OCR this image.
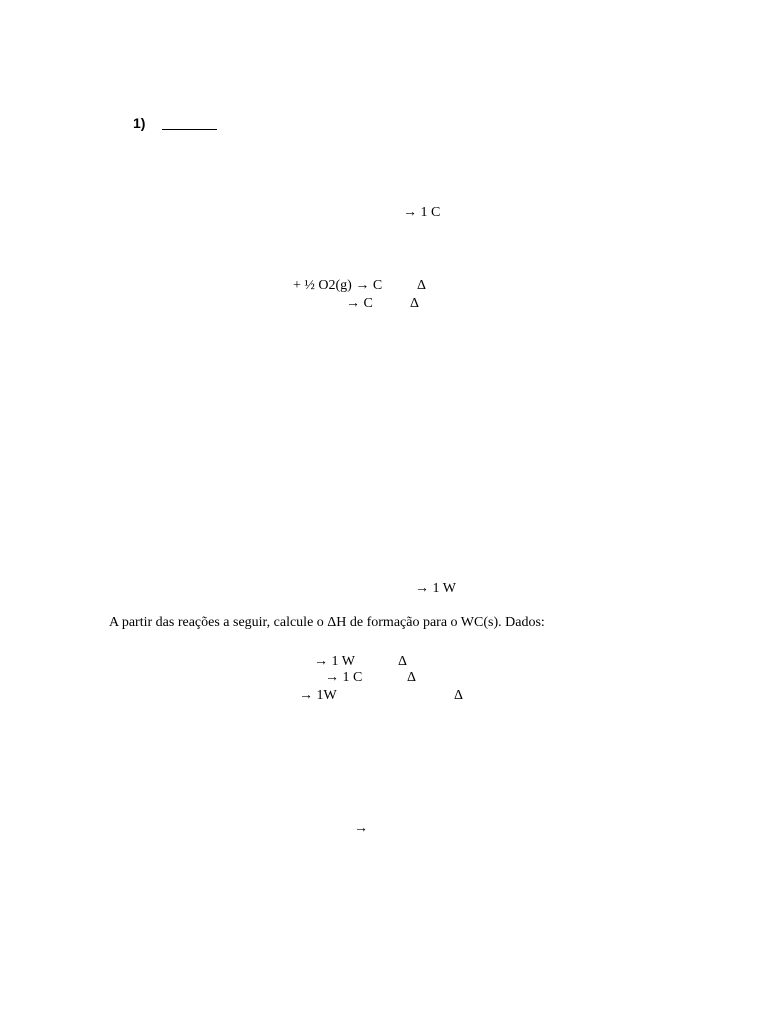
1)
→ 1 C
+ ½ O2(g) → C Δ
→ C	Δ
→ 1 W
A partir das reações a seguir, calcule o ΔH de formação para o WC(s). Dados:
→ 1 W	Δ
→ 1 C	Δ
→ 1W	Δ
→
